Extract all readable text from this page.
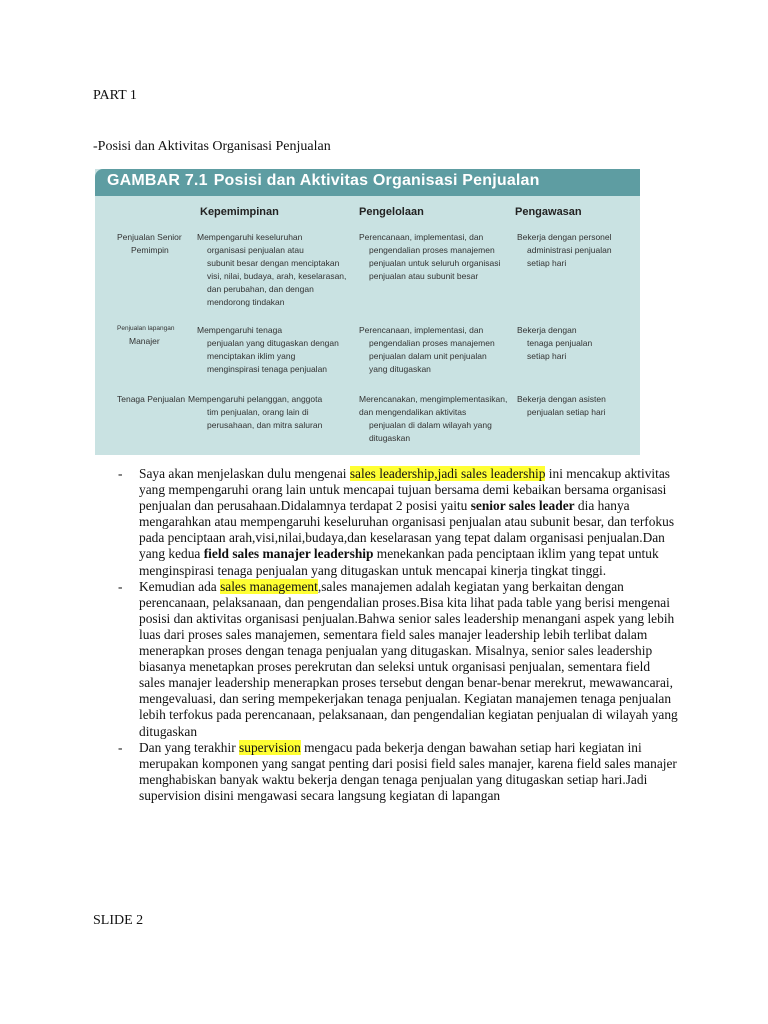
PART 1
-Posisi dan Aktivitas Organisasi Penjualan
GAMBAR 7.1 Posisi dan Aktivitas Organisasi Penjualan
Kepemimpinan	Pengelolaan	Pengawasan
Penjualan Senior
Pemimpin
Mempengaruhi keseluruhan
organisasi penjualan atau
subunit besar dengan menciptakan
visi, nilai, budaya, arah, keselarasan,
dan perubahan, dan dengan
mendorong tindakan
Perencanaan, implementasi, dan
pengendalian proses manajemen
penjualan untuk seluruh organisasi
penjualan atau subunit besar
Bekerja dengan personel
administrasi penjualan
setiap hari
Penjualan lapangan
Manajer
Mempengaruhi tenaga
penjualan yang ditugaskan dengan
menciptakan iklim yang
menginspirasi tenaga penjualan
Perencanaan, implementasi, dan
pengendalian proses manajemen
penjualan dalam unit penjualan
yang ditugaskan
Bekerja dengan
tenaga penjualan
setiap hari
Tenaga Penjualan Mempengaruhi pelanggan, anggota
tim penjualan, orang lain di
perusahaan, dan mitra saluran
Merencanakan, mengimplementasikan,
dan mengendalikan aktivitas
penjualan di dalam wilayah yang
ditugaskan
Bekerja dengan asisten
penjualan setiap hari

- Saya akan menjelaskan dulu mengenai sales leadership,jadi sales leadership ini mencakup aktivitas yang mempengaruhi orang lain untuk mencapai tujuan bersama demi kebaikan bersama organisasi penjualan dan perusahaan.Didalamnya terdapat 2 posisi yaitu senior sales leader dia hanya mengarahkan atau mempengaruhi keseluruhan organisasi penjualan atau subunit besar, dan terfokus pada penciptaan arah,visi,nilai,budaya,dan keselarasan yang tepat dalam organisasi penjualan.Dan yang kedua field sales manajer leadership menekankan pada penciptaan iklim yang tepat untuk menginspirasi tenaga penjualan yang ditugaskan untuk mencapai kinerja tingkat tinggi.

- Kemudian ada sales management,sales manajemen adalah kegiatan yang berkaitan dengan perencanaan, pelaksanaan, dan pengendalian proses.Bisa kita lihat pada table yang berisi mengenai posisi dan aktivitas organisasi penjualan.Bahwa senior sales leadership menangani aspek yang lebih luas dari proses sales manajemen, sementara field sales manajer leadership lebih terlibat dalam menerapkan proses dengan tenaga penjualan yang ditugaskan. Misalnya, senior sales leadership biasanya menetapkan proses perekrutan dan seleksi untuk organisasi penjualan, sementara field sales manajer leadership menerapkan proses tersebut dengan benar-benar merekrut, mewawancarai, mengevaluasi, dan sering mempekerjakan tenaga penjualan. Kegiatan manajemen tenaga penjualan lebih terfokus pada perencanaan, pelaksanaan, dan pengendalian kegiatan penjualan di wilayah yang ditugaskan

- Dan yang terakhir supervision mengacu pada bekerja dengan bawahan setiap hari kegiatan ini merupakan komponen yang sangat penting dari posisi field sales manajer, karena field sales manajer menghabiskan banyak waktu bekerja dengan tenaga penjualan yang ditugaskan setiap hari.Jadi supervision disini mengawasi secara langsung kegiatan di lapangan

SLIDE 2
